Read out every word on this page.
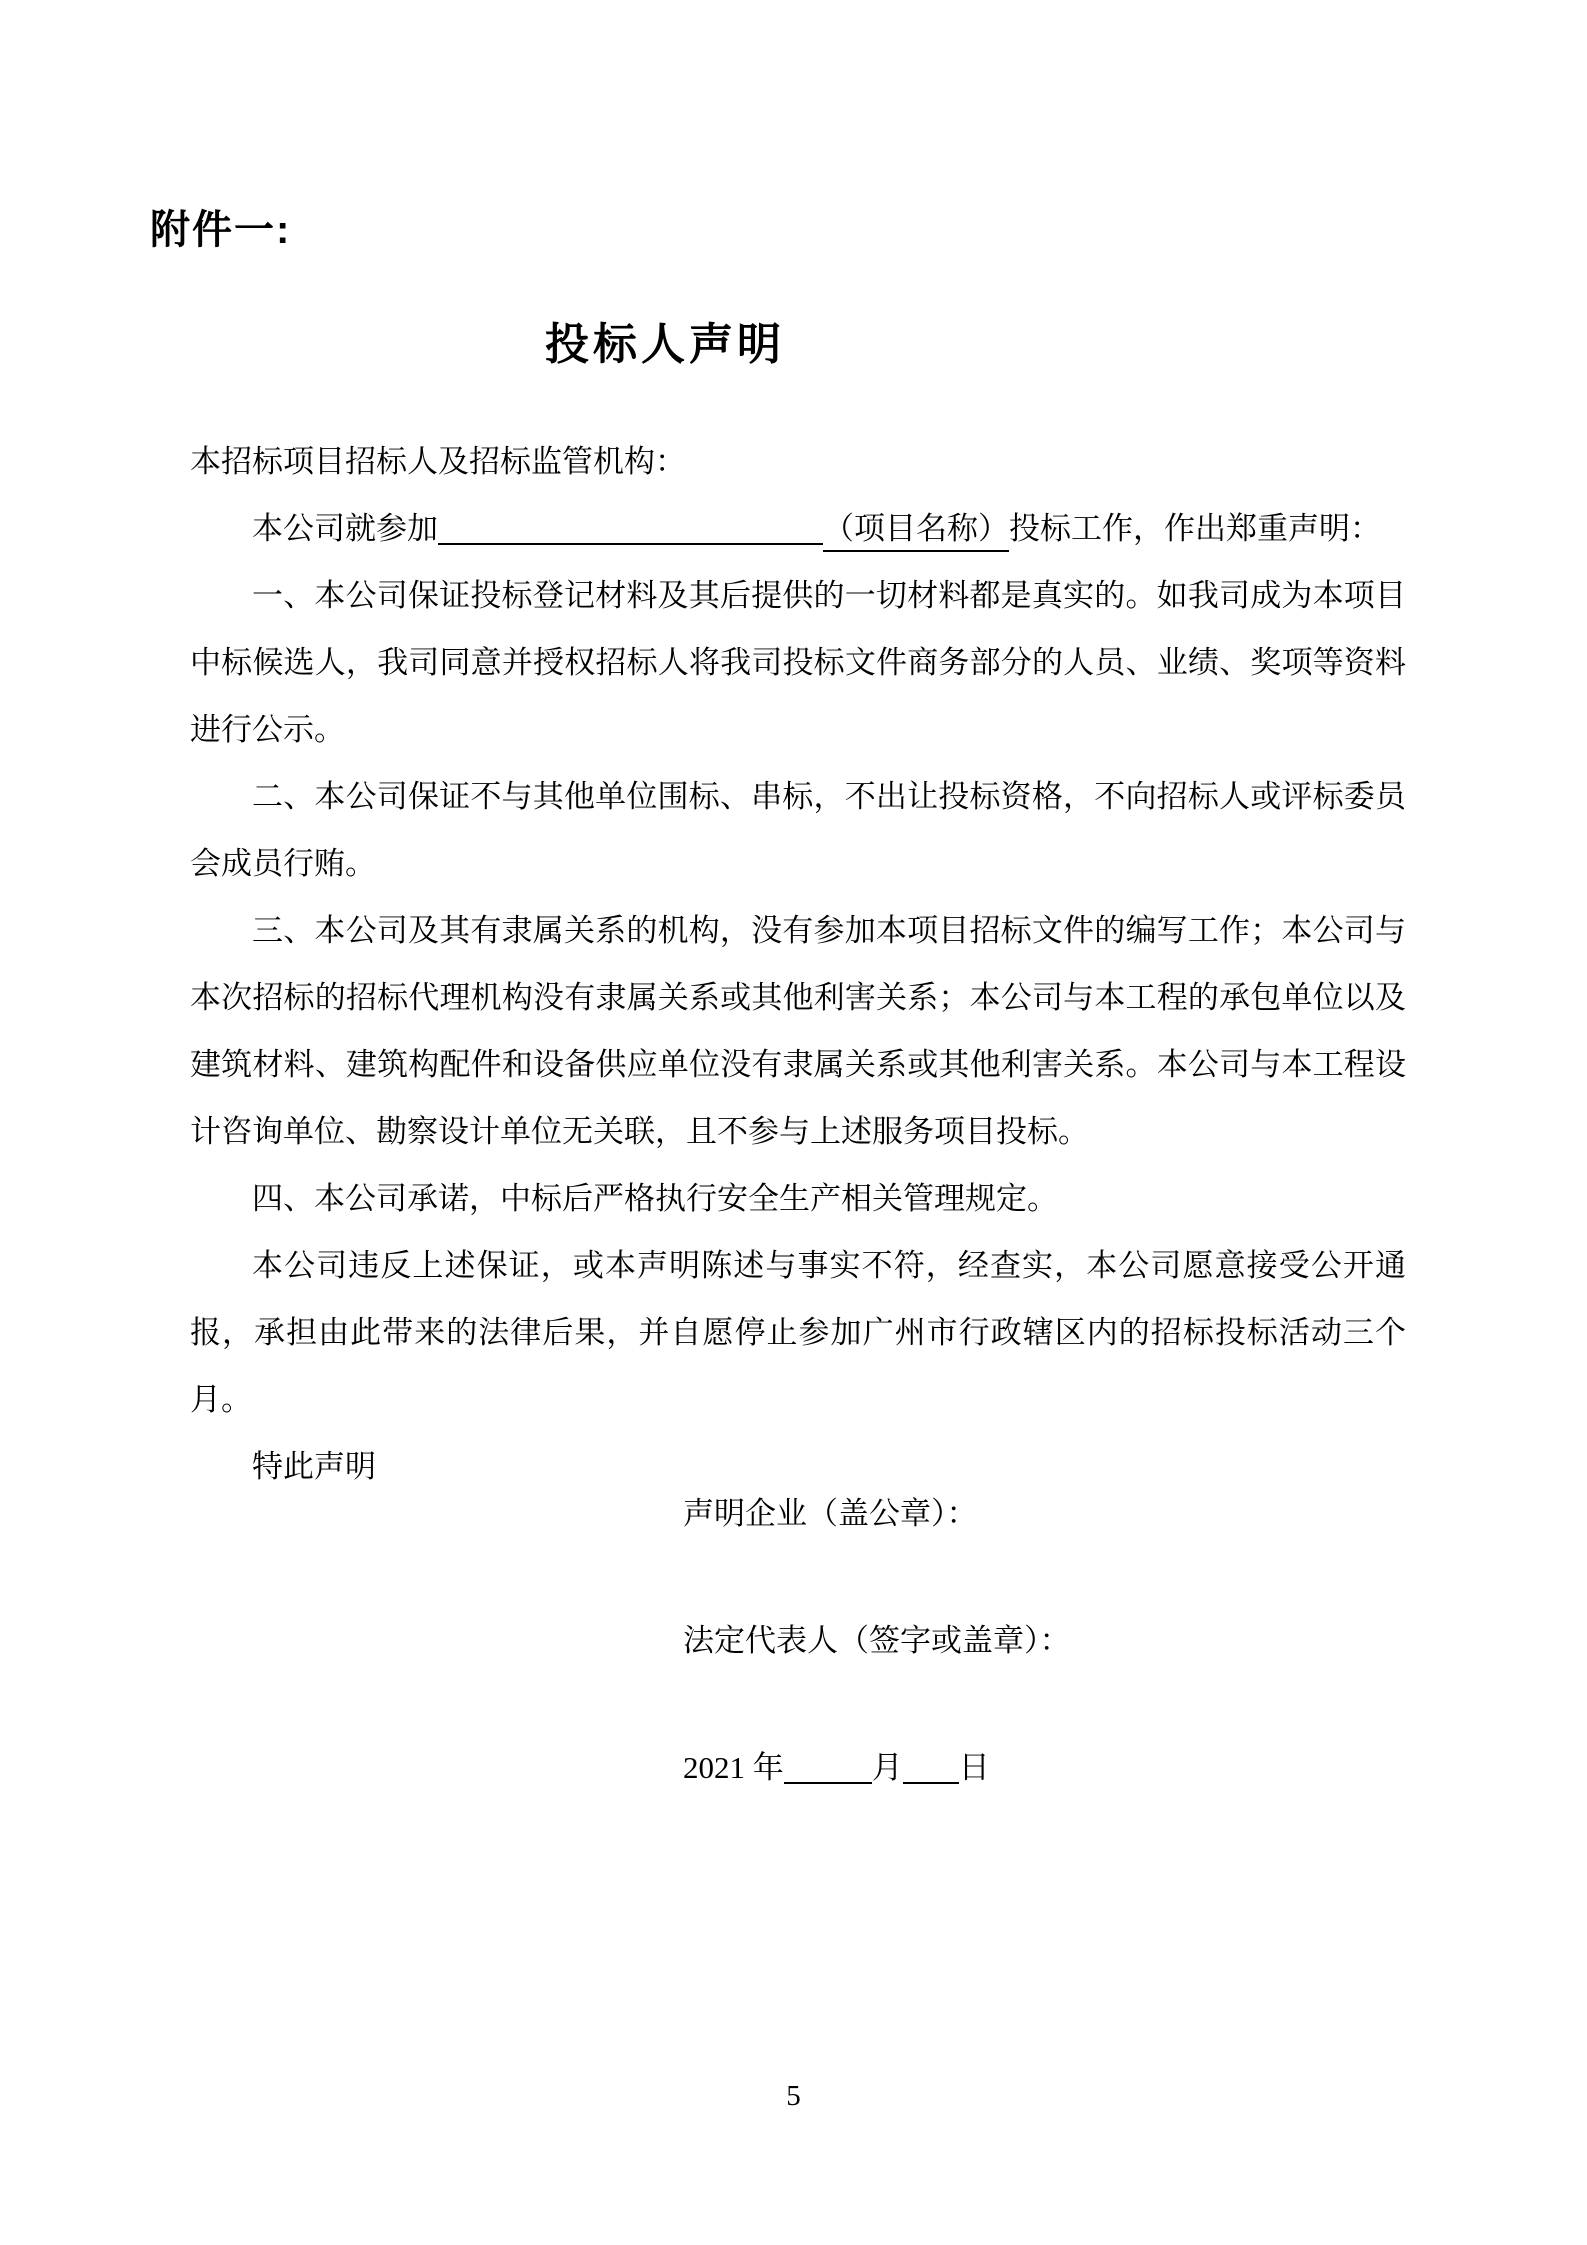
附件一:
投标人声明

本招标项目招标人及招标监管机构：

本公司就参加	（项目名称）投标工作，作出郑重声明：

一、本公司保证投标登记材料及其后提供的一切材料都是真实的。如我司成为本项目中标候选人，我司同意并授权招标人将我司投标文件商务部分的人员、业绩、奖项等资料进行公示。

二、本公司保证不与其他单位围标、串标，不出让投标资格，不向招标人或评标委员会成员行贿。

三、本公司及其有隶属关系的机构，没有参加本项目招标文件的编写工作；本公司与本次招标的招标代理机构没有隶属关系或其他利害关系；本公司与本工程的承包单位以及建筑材料、建筑构配件和设备供应单位没有隶属关系或其他利害关系。本公司与本工程设计咨询单位、勘察设计单位无关联，且不参与上述服务项目投标。

四、本公司承诺，中标后严格执行安全生产相关管理规定。

本公司违反上述保证，或本声明陈述与事实不符，经查实，本公司愿意接受公开通报，承担由此带来的法律后果，并自愿停止参加广州市行政辖区内的招标投标活动三个月。

特此声明

声明企业（盖公章）：

法定代表人（签字或盖章）：

2021 年	月 日

5
